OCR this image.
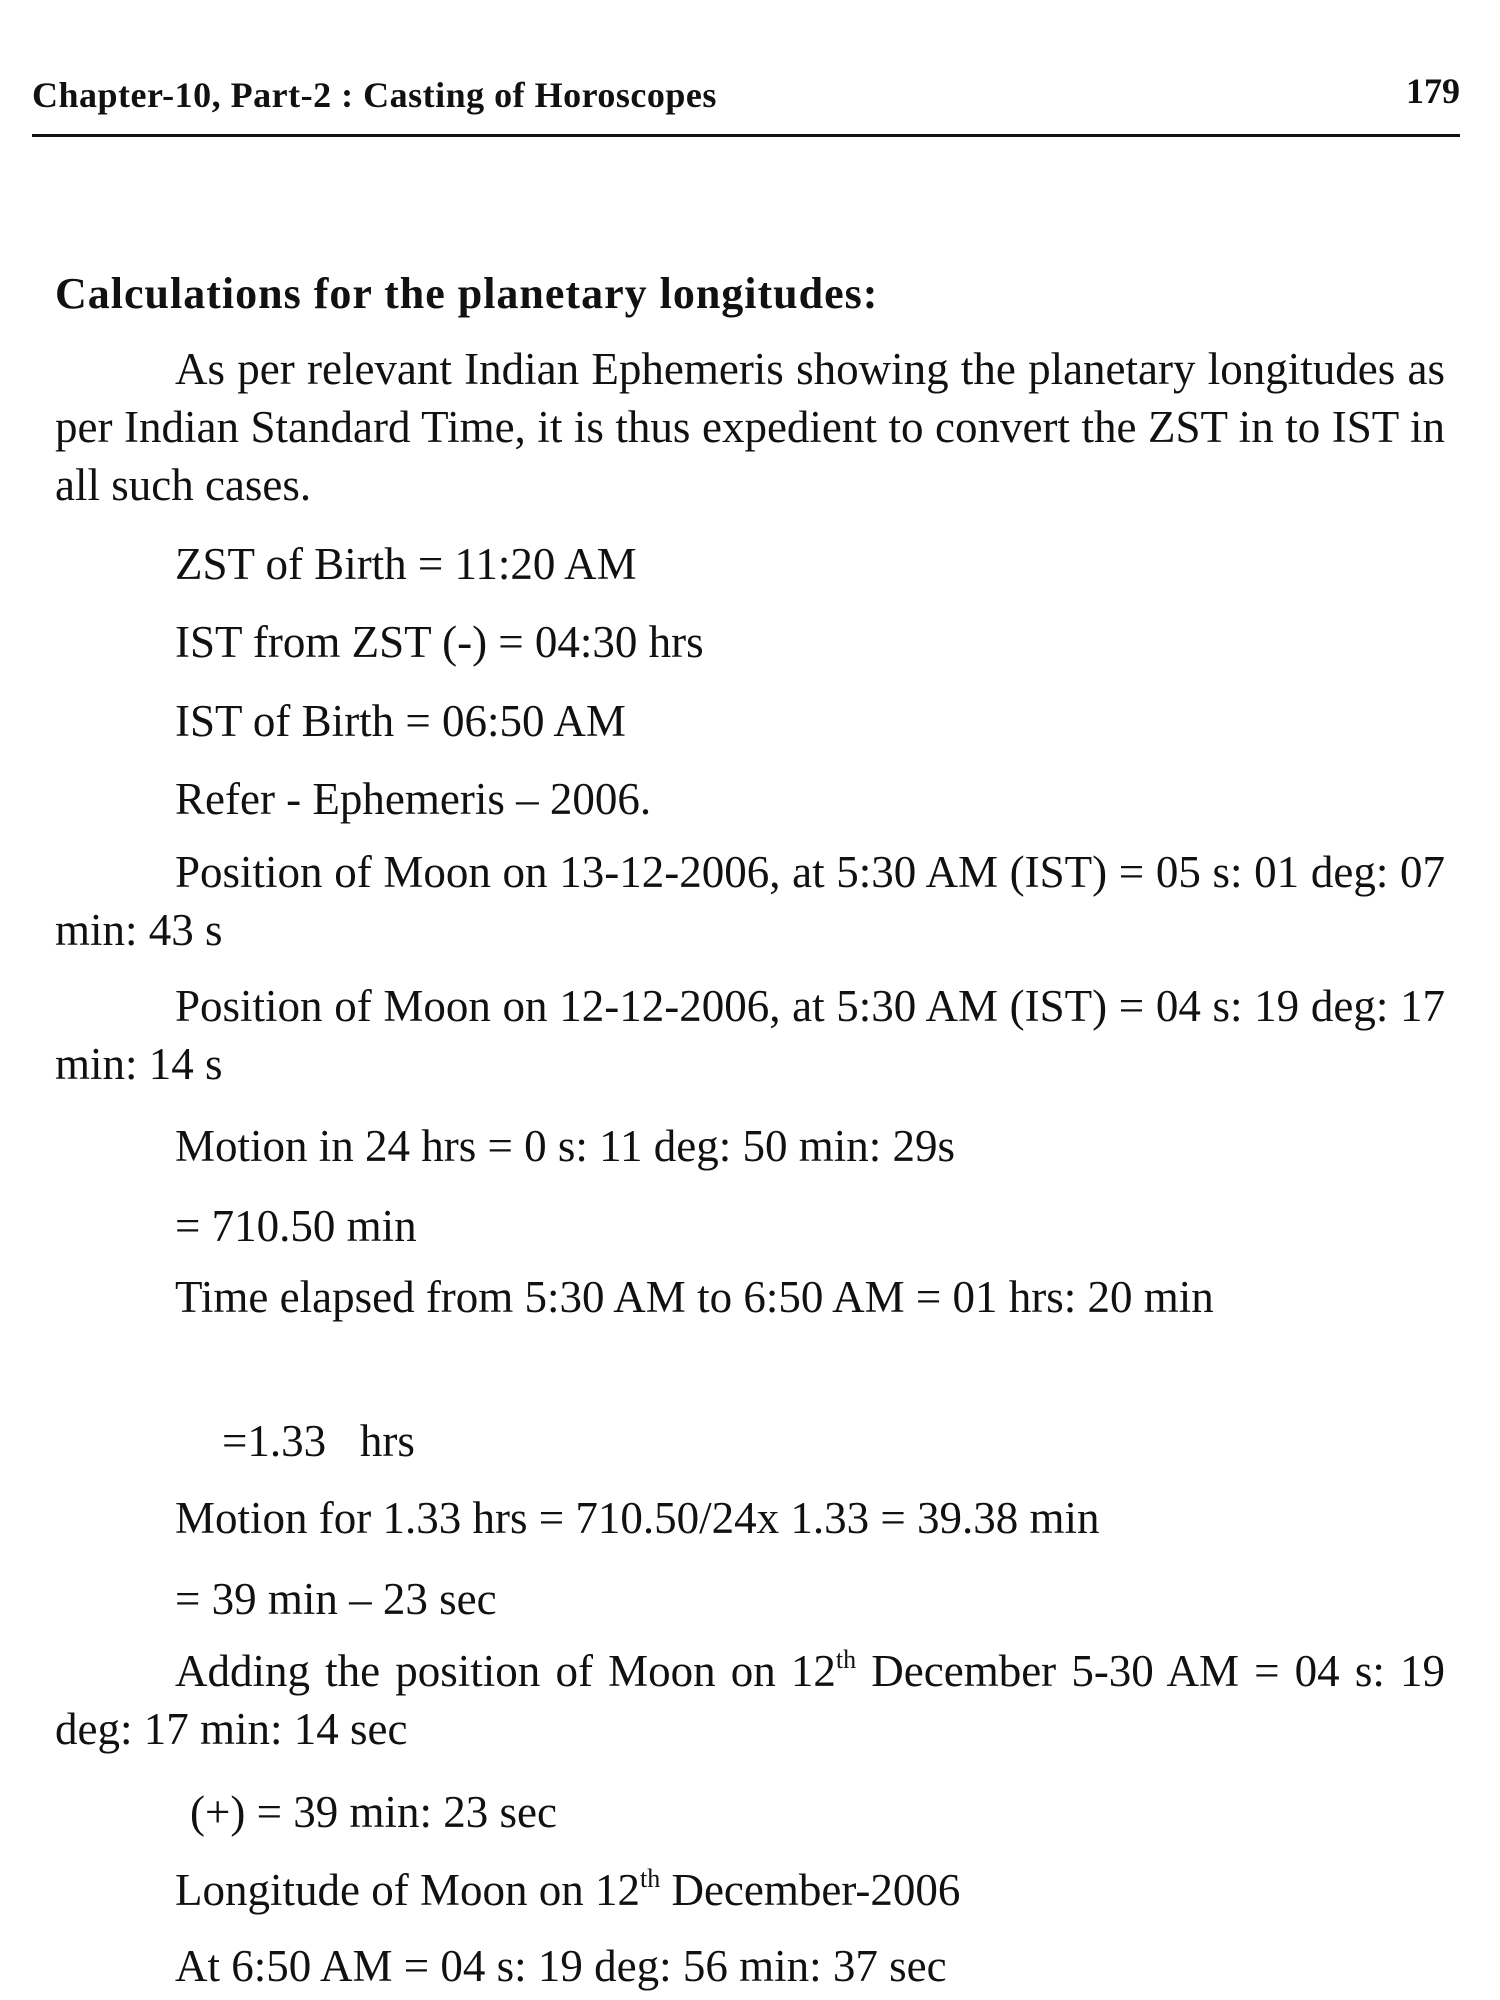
Chapter-10, Part-2 : Casting of Horoscopes	179
Calculations for the planetary longitudes:
As per relevant Indian Ephemeris showing the planetary longitudes as per Indian Standard Time, it is thus expedient to convert the ZST in to IST in all such cases.
ZST of Birth = 11:20 AM
IST from ZST (-) = 04:30 hrs
IST of Birth = 06:50 AM
Refer - Ephemeris – 2006.
Position of Moon on 13-12-2006, at 5:30 AM (IST) = 05 s: 01 deg: 07 min: 43 s
Position of Moon on 12-12-2006, at 5:30 AM (IST) = 04 s: 19 deg: 17 min: 14 s
Motion in 24 hrs = 0 s: 11 deg: 50 min: 29s
= 710.50 min
Time elapsed from 5:30 AM to 6:50 AM = 01 hrs: 20 min
=1.33   hrs
Motion for 1.33 hrs = 710.50/24x 1.33 = 39.38 min
= 39 min – 23 sec
Adding the position of Moon on 12th December 5-30 AM = 04 s: 19 deg: 17 min: 14 sec
(+) = 39 min: 23 sec
Longitude of Moon on 12th December-2006
At 6:50 AM = 04 s: 19 deg: 56 min: 37 sec
